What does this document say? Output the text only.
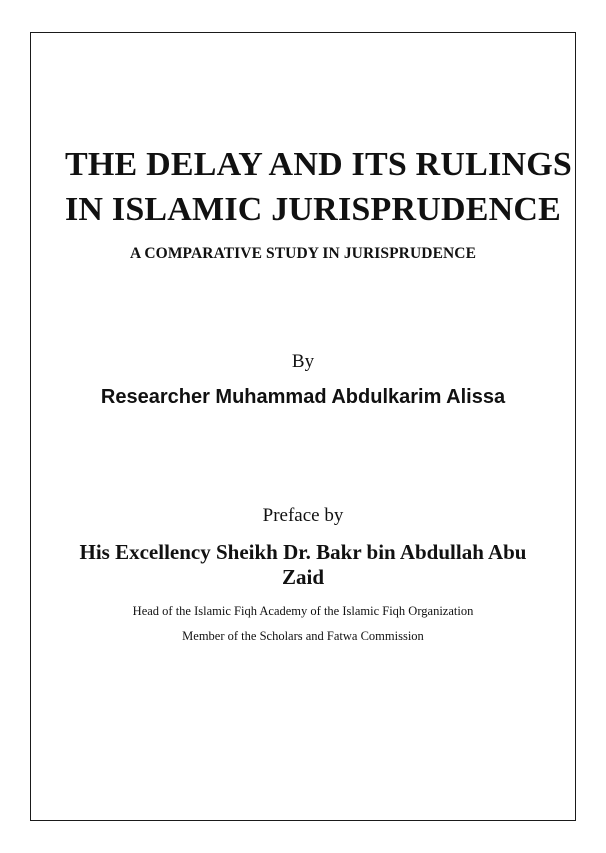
THE DELAY AND ITS RULINGS
IN ISLAMIC JURISPRUDENCE
A COMPARATIVE STUDY IN JURISPRUDENCE
By
Researcher Muhammad Abdulkarim Alissa
Preface by
His Excellency Sheikh Dr. Bakr bin Abdullah Abu Zaid
Head of the Islamic Fiqh Academy of the Islamic Fiqh Organization
Member of the Scholars and Fatwa Commission
